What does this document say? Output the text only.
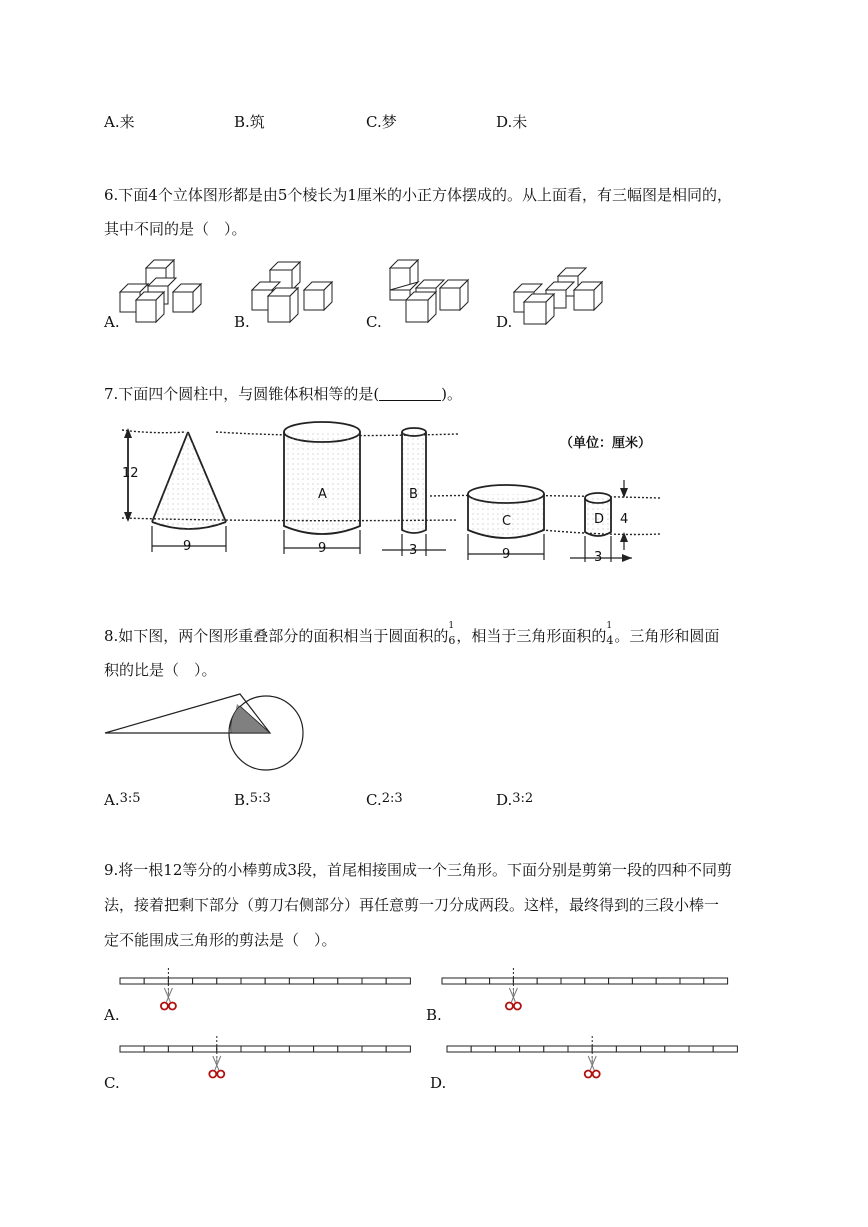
A.来	B.筑	C.梦	D.未
6.下面4个立体图形都是由5个棱长为1厘米的小正方体摆成的。从上面看，有三幅图是相同的，
其中不同的是（　）。
A.	B.	C.	D.
7.下面四个圆柱中，与圆锥体积相等的是(	)。
（单位：厘米）
12
9
A
9
B
3
C
9
D
3
4
8.如下图，两个图形重叠部分的面积相当于圆面积的
1
6 ，相当于三角形面积的
1
4 。三角形和圆面
积的比是（　）。
A.3:5	B.5:3	C.2:3	D.3:2
9.将一根12等分的小棒剪成3段，首尾相接围成一个三角形。下面分别是剪第一段的四种不同剪
法，接着把剩下部分（剪刀右侧部分）再任意剪一刀分成两段。这样，最终得到的三段小棒一
定不能围成三角形的剪法是（　）。
A.	B.
C.	D.
